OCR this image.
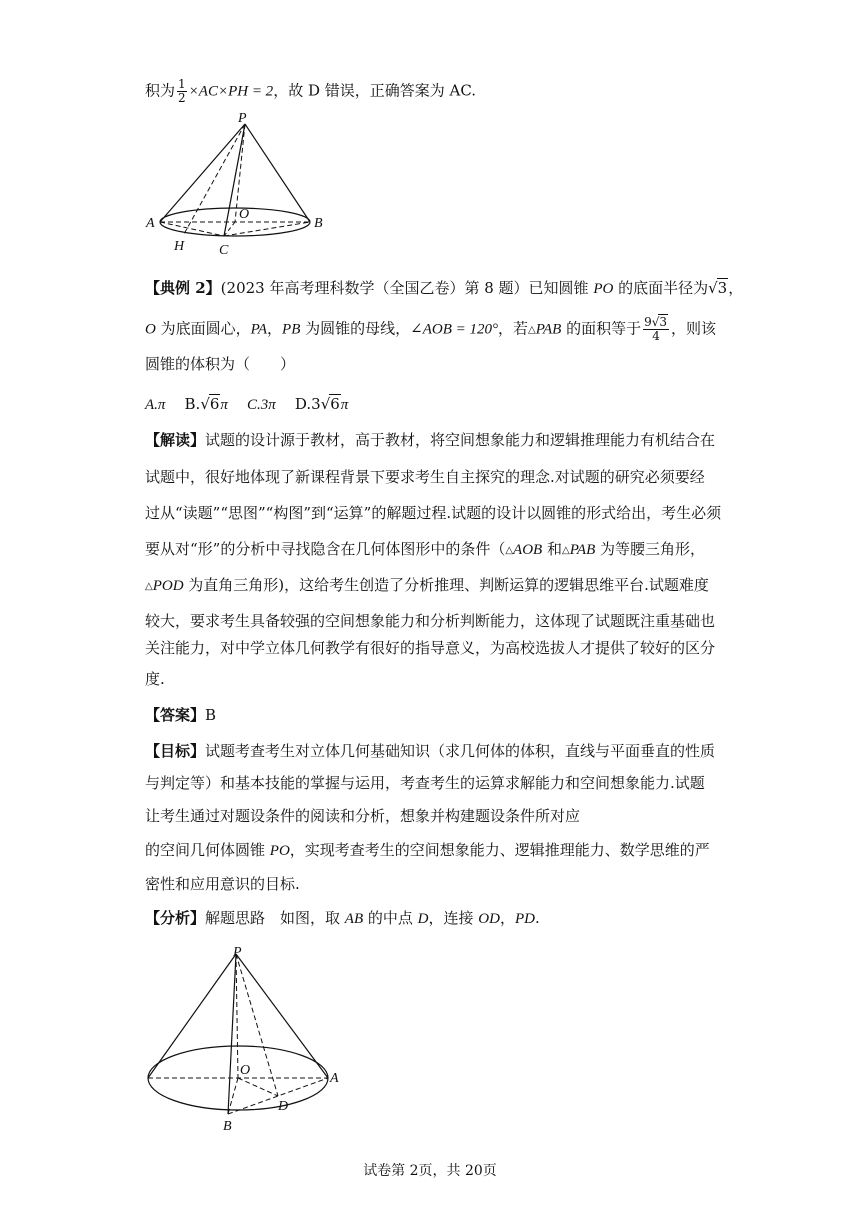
积为 $\frac{1}{2} \times AC\times PH = 2$，故 D 错误，正确答案为 AC.
P
A
O
B
H C
【典例 2】(2023 年高考理科数学（全国乙卷）第 8 题）已知圆锥 PO 的底面半径为√3，
O 为底面圆心，PA，PB 为圆锥的母线，∠AOB = 120°，若△PAB 的面积等于 $\frac{9√3}{4}$ ，则该
圆锥的体积为（　　）
A.π B.√6π C.3π D.3√6π
【解读】试题的设计源于教材，高于教材，将空间想象能力和逻辑推理能力有机结合在
试题中，很好地体现了新课程背景下要求考生自主探究的理念.对试题的研究必须要经
过从“读题”“思图”“构图”到“运算”的解题过程.试题的设计以圆锥的形式给出，考生必须
要从对“形”的分析中寻找隐含在几何体图形中的条件（△AOB 和△PAB 为等腰三角形，
△POD 为直角三角形)，这给考生创造了分析推理、判断运算的逻辑思维平台.试题难度
较大，要求考生具备较强的空间想象能力和分析判断能力，这体现了试题既注重基础也
关注能力，对中学立体几何教学有很好的指导意义，为高校选拔人才提供了较好的区分
度.
【答案】B
【目标】试题考查考生对立体几何基础知识（求几何体的体积，直线与平面垂直的性质
与判定等）和基本技能的掌握与运用，考查考生的运算求解能力和空间想象能力.试题
让考生通过对题设条件的阅读和分析，想象并构建题设条件所对应
的空间几何体圆锥 PO，实现考查考生的空间想象能力、逻辑推理能力、数学思维的严
密性和应用意识的目标.
【分析】解题思路　如图，取 AB 的中点 D，连接 OD，PD.
P
O
A
D
B
试卷第 2页，共 20页
